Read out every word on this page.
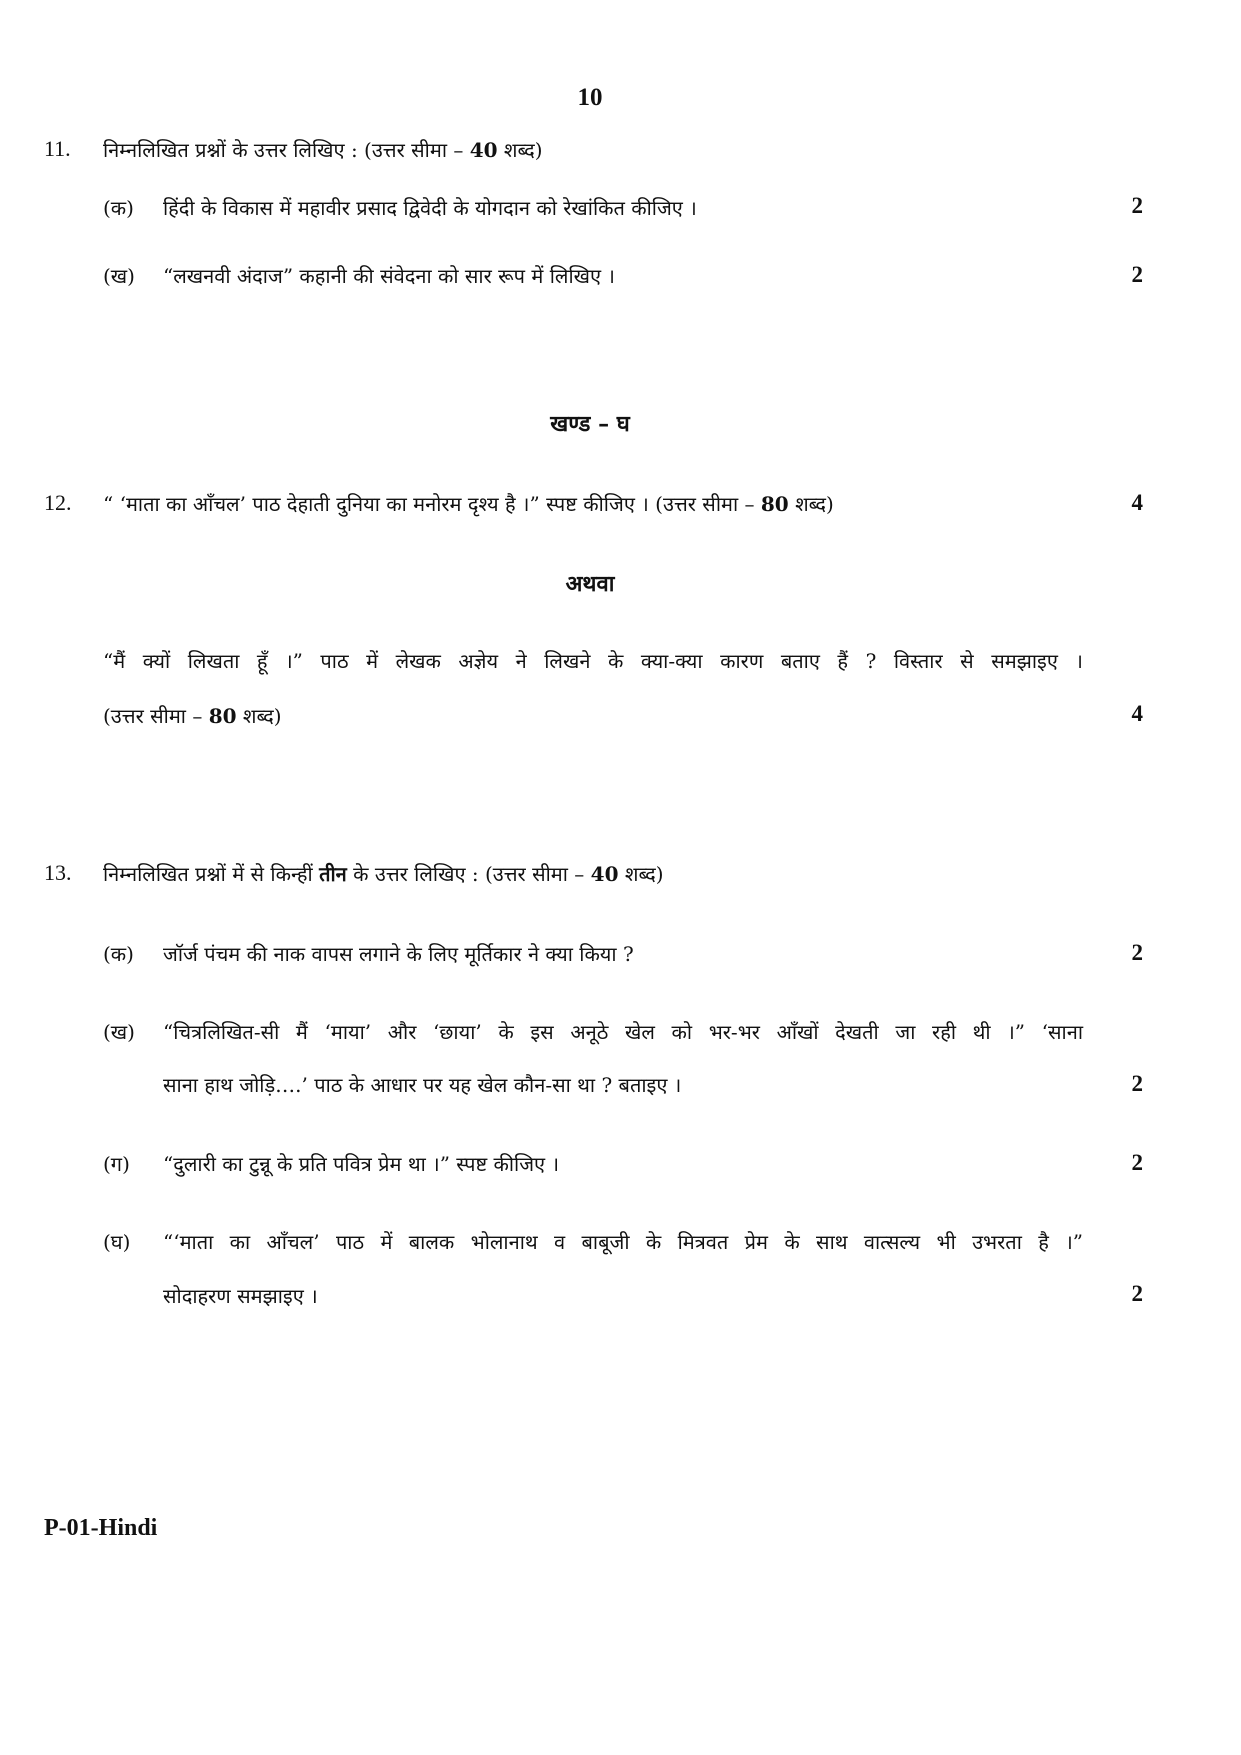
10
11. निम्नलिखित प्रश्नों के उत्तर लिखिए : (उत्तर सीमा – 40 शब्द)
(क) हिंदी के विकास में महावीर प्रसाद द्विवेदी के योगदान को रेखांकित कीजिए ।	2
(ख) “लखनवी अंदाज” कहानी की संवेदना को सार रूप में लिखिए ।	2
खण्ड – घ
12. “ ‘माता का आँचल’ पाठ देहाती दुनिया का मनोरम दृश्य है ।” स्पष्ट कीजिए । (उत्तर सीमा – 80 शब्द)	4
अथवा
“मैं क्यों लिखता हूँ ।” पाठ में लेखक अज्ञेय ने लिखने के क्या-क्या कारण बताए हैं ? विस्तार से समझाइए ।
(उत्तर सीमा – 80 शब्द)	4
13. निम्नलिखित प्रश्नों में से किन्हीं तीन के उत्तर लिखिए : (उत्तर सीमा – 40 शब्द)
(क) जॉर्ज पंचम की नाक वापस लगाने के लिए मूर्तिकार ने क्या किया ?	2
(ख) “चित्रलिखित-सी मैं ‘माया’ और ‘छाया’ के इस अनूठे खेल को भर-भर आँखों देखती जा रही थी ।” ‘साना
साना हाथ जोड़ि….’ पाठ के आधार पर यह खेल कौन-सा था ? बताइए ।	2
(ग) “दुलारी का टुन्नू के प्रति पवित्र प्रेम था ।” स्पष्ट कीजिए ।	2
(घ) “‘माता का आँचल’ पाठ में बालक भोलानाथ व बाबूजी के मित्रवत प्रेम के साथ वात्सल्य भी उभरता है ।”
सोदाहरण समझाइए ।	2
P-01-Hindi
